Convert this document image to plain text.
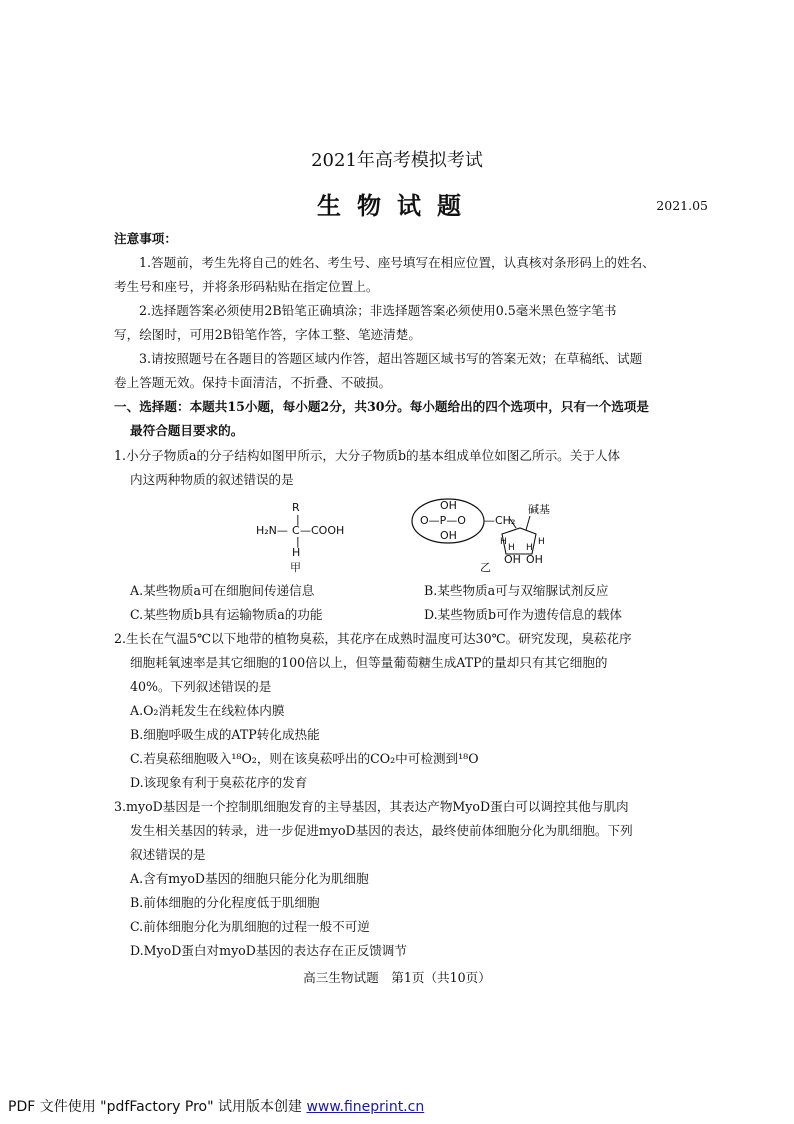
2021年高考模拟考试
生物试题	2021.05
注意事项：
1.答题前，考生先将自己的姓名、考生号、座号填写在相应位置，认真核对条形码上的姓名、
考生号和座号，并将条形码粘贴在指定位置上。
2.选择题答案必须使用2B铅笔正确填涂；非选择题答案必须使用0.5毫米黑色签字笔书
写，绘图时，可用2B铅笔作答，字体工整、笔迹清楚。
3.请按照题号在各题目的答题区域内作答，超出答题区域书写的答案无效；在草稿纸、试题
卷上答题无效。保持卡面清洁，不折叠、不破损。
一、选择题：本题共15小题，每小题2分，共30分。每小题给出的四个选项中，只有一个选项是
最符合题目要求的。
1.小分子物质a的分子结构如图甲所示，大分子物质b的基本组成单位如图乙所示。关于人体
内这两种物质的叙述错误的是
R
|
H₂N— C —COOH
|
H
甲
OH
O—P—O
OH
—CH₂
碱基
H
H H
H
OH OH
乙
A.某些物质a可在细胞间传递信息	B.某些物质a可与双缩脲试剂反应
C.某些物质b具有运输物质a的功能	D.某些物质b可作为遗传信息的载体
2.生长在气温5℃以下地带的植物臭菘，其花序在成熟时温度可达30℃。研究发现，臭菘花序
细胞耗氧速率是其它细胞的100倍以上，但等量葡萄糖生成ATP的量却只有其它细胞的
40%。下列叙述错误的是
A.O₂消耗发生在线粒体内膜
B.细胞呼吸生成的ATP转化成热能
C.若臭菘细胞吸入¹⁸O₂，则在该臭菘呼出的CO₂中可检测到¹⁸O
D.该现象有利于臭菘花序的发育
3.myoD基因是一个控制肌细胞发育的主导基因，其表达产物MyoD蛋白可以调控其他与肌肉
发生相关基因的转录，进一步促进myoD基因的表达，最终使前体细胞分化为肌细胞。下列
叙述错误的是
A.含有myoD基因的细胞只能分化为肌细胞
B.前体细胞的分化程度低于肌细胞
C.前体细胞分化为肌细胞的过程一般不可逆
D.MyoD蛋白对myoD基因的表达存在正反馈调节
高三生物试题　第1页（共10页）
PDF 文件使用 "pdfFactory Pro" 试用版本创建 www.fineprint.cn
